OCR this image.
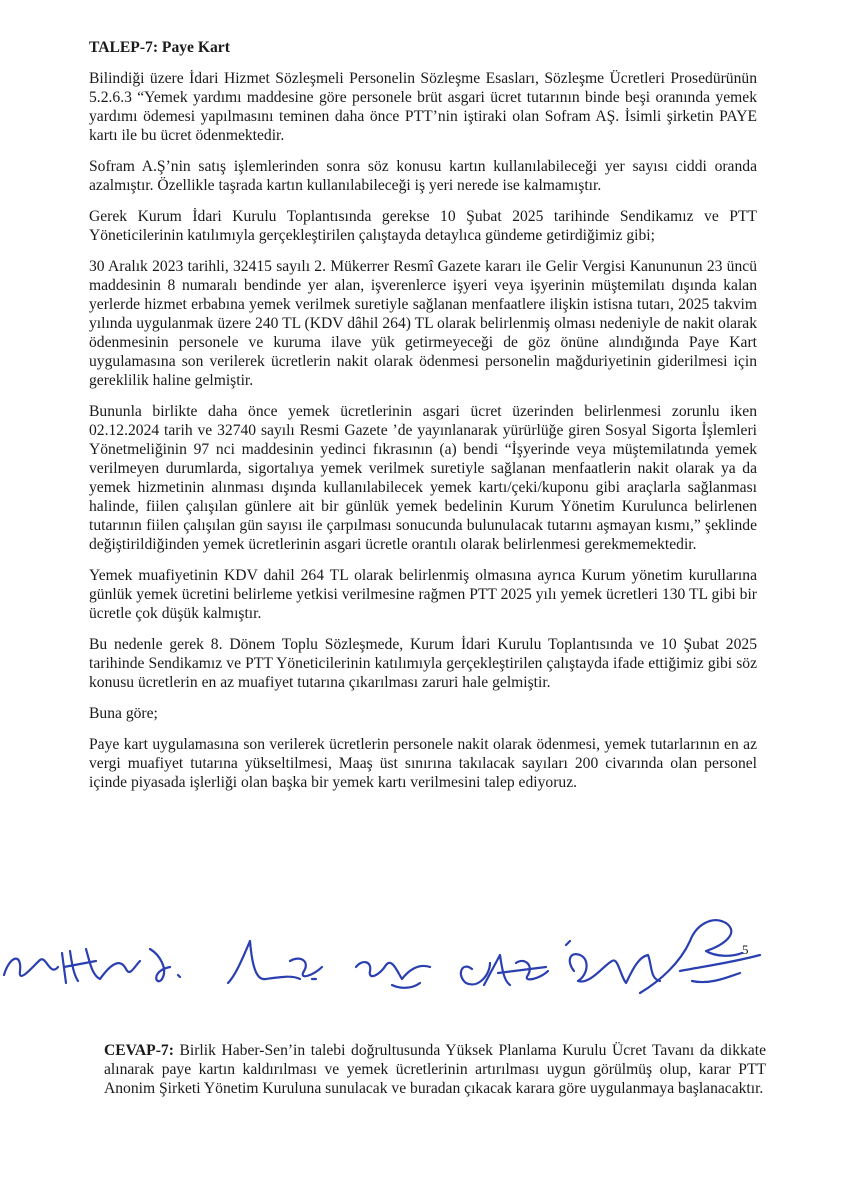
TALEP-7: Paye Kart

Bilindiği üzere İdari Hizmet Sözleşmeli Personelin Sözleşme Esasları, Sözleşme Ücretleri Prosedürünün 5.2.6.3 “Yemek yardımı maddesine göre personele brüt asgari ücret tutarının binde beşi oranında yemek yardımı ödemesi yapılmasını teminen daha önce PTT’nin iştiraki olan Sofram AŞ. İsimli şirketin PAYE kartı ile bu ücret ödenmektedir.

Sofram A.Ş’nin satış işlemlerinden sonra söz konusu kartın kullanılabileceği yer sayısı ciddi oranda azalmıştır. Özellikle taşrada kartın kullanılabileceği iş yeri nerede ise kalmamıştır.

Gerek Kurum İdari Kurulu Toplantısında gerekse 10 Şubat 2025 tarihinde Sendikamız ve PTT Yöneticilerinin katılımıyla gerçekleştirilen çalıştayda detaylıca gündeme getirdiğimiz gibi;

30 Aralık 2023 tarihli, 32415 sayılı 2. Mükerrer Resmî Gazete kararı ile Gelir Vergisi Kanununun 23 üncü maddesinin 8 numaralı bendinde yer alan, işverenlerce işyeri veya işyerinin müştemilatı dışında kalan yerlerde hizmet erbabına yemek verilmek suretiyle sağlanan menfaatlere ilişkin istisna tutarı, 2025 takvim yılında uygulanmak üzere 240 TL (KDV dâhil 264) TL olarak belirlenmiş olması nedeniyle de nakit olarak ödenmesinin personele ve kuruma ilave yük getirmeyeceği de göz önüne alındığında Paye Kart uygulamasına son verilerek ücretlerin nakit olarak ödenmesi personelin mağduriyetinin giderilmesi için gereklilik haline gelmiştir.

Bununla birlikte daha önce yemek ücretlerinin asgari ücret üzerinden belirlenmesi zorunlu iken 02.12.2024 tarih ve 32740 sayılı Resmi Gazete ’de yayınlanarak yürürlüğe giren Sosyal Sigorta İşlemleri Yönetmeliğinin 97 nci maddesinin yedinci fıkrasının (a) bendi “İşyerinde veya müştemilatında yemek verilmeyen durumlarda, sigortalıya yemek verilmek suretiyle sağlanan menfaatlerin nakit olarak ya da yemek hizmetinin alınması dışında kullanılabilecek yemek kartı/çeki/kuponu gibi araçlarla sağlanması halinde, fiilen çalışılan günlere ait bir günlük yemek bedelinin Kurum Yönetim Kurulunca belirlenen tutarının fiilen çalışılan gün sayısı ile çarpılması sonucunda bulunulacak tutarını aşmayan kısmı,” şeklinde değiştirildiğinden yemek ücretlerinin asgari ücretle orantılı olarak belirlenmesi gerekmemektedir.

Yemek muafiyetinin KDV dahil 264 TL olarak belirlenmiş olmasına ayrıca Kurum yönetim kurullarına günlük yemek ücretini belirleme yetkisi verilmesine rağmen PTT 2025 yılı yemek ücretleri 130 TL gibi bir ücretle çok düşük kalmıştır.

Bu nedenle gerek 8. Dönem Toplu Sözleşmede, Kurum İdari Kurulu Toplantısında ve 10 Şubat 2025 tarihinde Sendikamız ve PTT Yöneticilerinin katılımıyla gerçekleştirilen çalıştayda ifade ettiğimiz gibi söz konusu ücretlerin en az muafiyet tutarına çıkarılması zaruri hale gelmiştir.

Buna göre;

Paye kart uygulamasına son verilerek ücretlerin personele nakit olarak ödenmesi, yemek tutarlarının en az vergi muafiyet tutarına yükseltilmesi, Maaş üst sınırına takılacak sayıları 200 civarında olan personel içinde piyasada işlerliği olan başka bir yemek kartı verilmesini talep ediyoruz.

5
CEVAP-7: Birlik Haber-Sen’in talebi doğrultusunda Yüksek Planlama Kurulu Ücret Tavanı da dikkate alınarak paye kartın kaldırılması ve yemek ücretlerinin artırılması uygun görülmüş olup, karar PTT Anonim Şirketi Yönetim Kuruluna sunulacak ve buradan çıkacak karara göre uygulanmaya başlanacaktır.
